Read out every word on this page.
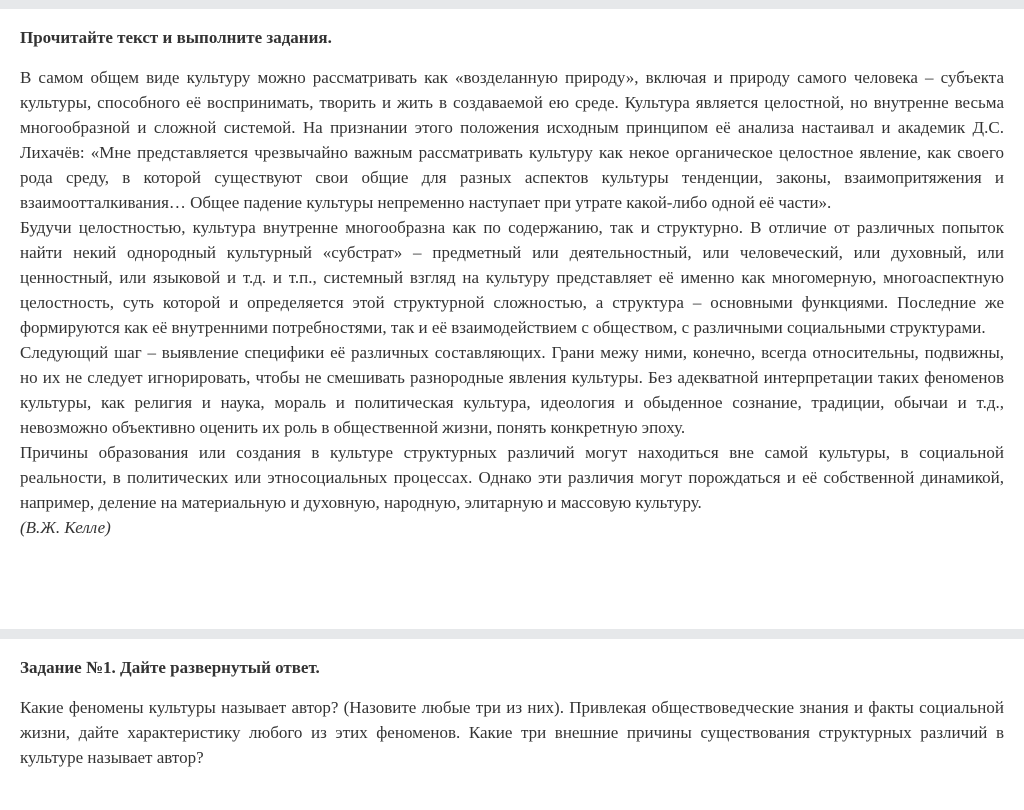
Прочитайте текст и выполните задания.

В самом общем виде культуру можно рассматривать как «возделанную природу», включая и природу самого человека – субъекта культуры, способного её воспринимать, творить и жить в создаваемой ею среде. Культура является целостной, но внутренне весьма многообразной и сложной системой. На признании этого положения исходным принципом её анализа настаивал и академик Д.С. Лихачёв: «Мне представляется чрезвычайно важным рассматривать культуру как некое органическое целостное явление, как своего рода среду, в которой существуют свои общие для разных аспектов культуры тенденции, законы, взаимопритяжения и взаимоотталкивания… Общее падение культуры непременно наступает при утрате какой-либо одной её части».

Будучи целостностью, культура внутренне многообразна как по содержанию, так и структурно. В отличие от различных попыток найти некий однородный культурный «субстрат» – предметный или деятельностный, или человеческий, или духовный, или ценностный, или языковой и т.д. и т.п., системный взгляд на культуру представляет её именно как многомерную, многоаспектную целостность, суть которой и определяется этой структурной сложностью, а структура – основными функциями. Последние же формируются как её внутренними потребностями, так и её взаимодействием с обществом, с различными социальными структурами.

Следующий шаг – выявление специфики её различных составляющих. Грани межу ними, конечно, всегда относительны, подвижны, но их не следует игнорировать, чтобы не смешивать разнородные явления культуры. Без адекватной интерпретации таких феноменов культуры, как религия и наука, мораль и политическая культура, идеология и обыденное сознание, традиции, обычаи и т.д., невозможно объективно оценить их роль в общественной жизни, понять конкретную эпоху.

Причины образования или создания в культуре структурных различий могут находиться вне самой культуры, в социальной реальности, в политических или этносоциальных процессах. Однако эти различия могут порождаться и её собственной динамикой, например, деление на материальную и духовную, народную, элитарную и массовую культуру.

(В.Ж. Келле)

Задание №1. Дайте развернутый ответ.

Какие феномены культуры называет автор? (Назовите любые три из них). Привлекая обществоведческие знания и факты социальной жизни, дайте характеристику любого из этих феноменов. Какие три внешние причины существования структурных различий в культуре называет автор?
